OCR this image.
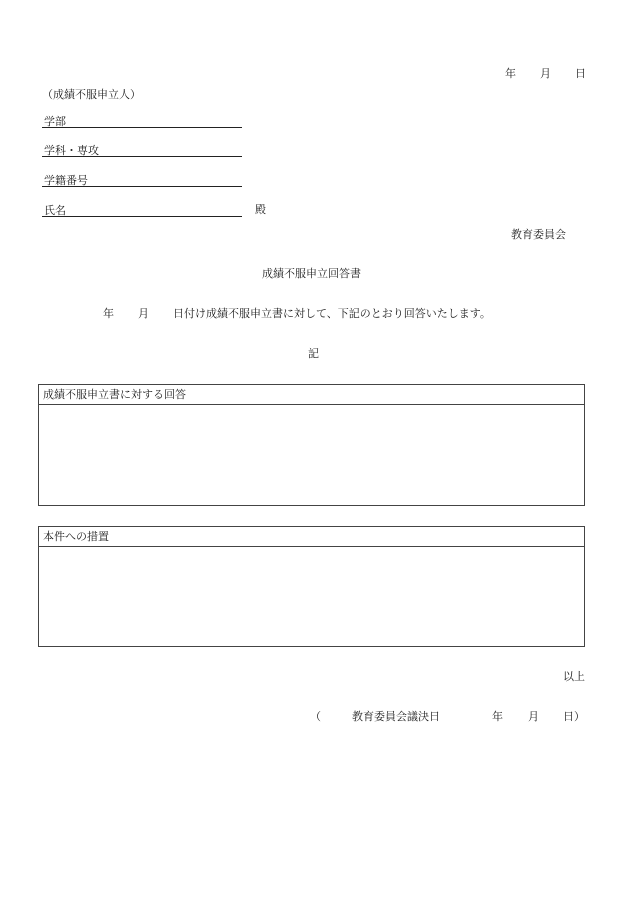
年 月 日
（成績不服申立人）
学部
学科・専攻
学籍番号
氏名	殿
教育委員会
成績不服申立回答書
年 月 日付け成績不服申立書に対して、下記のとおり回答いたします。
記
成績不服申立書に対する回答
本件への措置
以上
（	教育委員会議決日	年 月 日）
